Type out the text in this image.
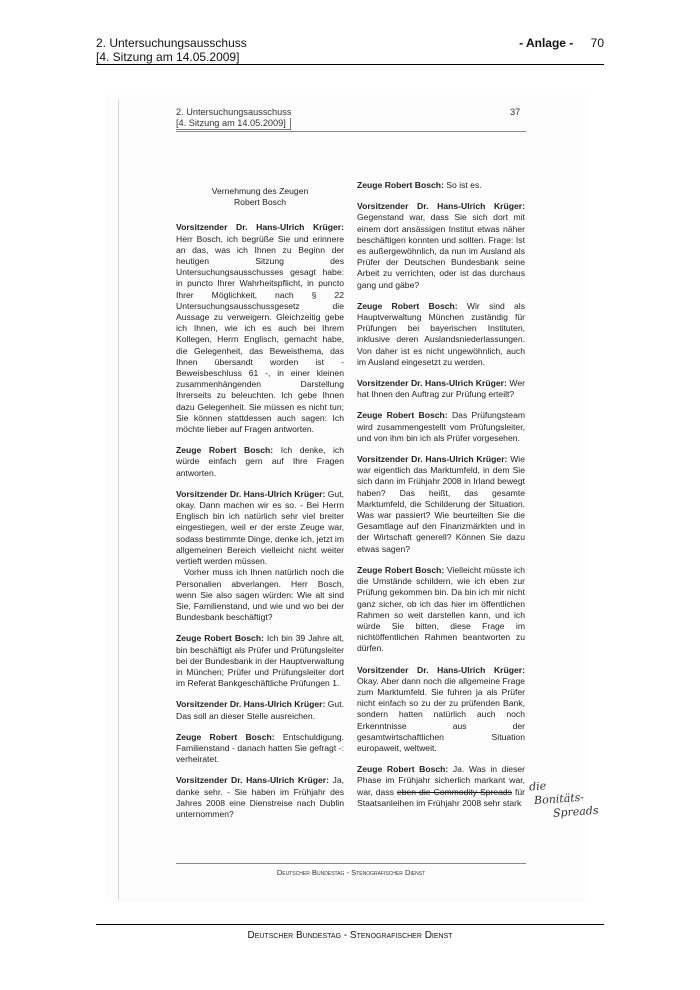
2. Untersuchungsausschuss
[4. Sitzung am 14.05.2009]
- Anlage - 70
2. Untersuchungsausschuss
[4. Sitzung am 14.05.2009]
37

Vernehmung des Zeugen
Robert Bosch

Vorsitzender Dr. Hans-Ulrich Krüger: Herr Bosch, ich begrüße Sie und erinnere an das, was ich Ihnen zu Beginn der heutigen Sitzung des Untersuchungsausschusses gesagt habe: in puncto Ihrer Wahrheitspflicht, in puncto Ihrer Möglichkeit, nach § 22 Untersuchungsausschussgesetz die Aussage zu verweigern. Gleichzeitig gebe ich Ihnen, wie ich es auch bei Ihrem Kollegen, Herrn Englisch, gemacht habe, die Gelegenheit, das Beweisthema, das Ihnen übersandt worden ist - Beweisbeschluss 61 -, in einer kleinen zusammenhängenden Darstellung Ihrerseits zu beleuchten. Ich gebe Ihnen dazu Gelegenheit. Sie müssen es nicht tun; Sie können stattdessen auch sagen: Ich möchte lieber auf Fragen antworten.

Zeuge Robert Bosch: Ich denke, ich würde einfach gern auf Ihre Fragen antworten.

Vorsitzender Dr. Hans-Ulrich Krüger: Gut, okay. Dann machen wir es so. - Bei Herrn Englisch bin ich natürlich sehr viel breiter eingestiegen, weil er der erste Zeuge war, sodass bestimmte Dinge, denke ich, jetzt im allgemeinen Bereich vielleicht nicht weiter vertieft werden müssen.

Vorher muss ich Ihnen natürlich noch die Personalien abverlangen. Herr Bosch, wenn Sie also sagen würden: Wie alt sind Sie, Familienstand, und wie und wo bei der Bundesbank beschäftigt?

Zeuge Robert Bosch: Ich bin 39 Jahre alt, bin beschäftigt als Prüfer und Prüfungsleiter bei der Bundesbank in der Hauptverwaltung in München; Prüfer und Prüfungsleiter dort im Referat Bankgeschäftliche Prüfungen 1.

Vorsitzender Dr. Hans-Ulrich Krüger: Gut. Das soll an dieser Stelle ausreichen.

Zeuge Robert Bosch: Entschuldigung. Familienstand - danach hatten Sie gefragt -: verheiratet.

Vorsitzender Dr. Hans-Ulrich Krüger: Ja, danke sehr. - Sie haben im Frühjahr des Jahres 2008 eine Dienstreise nach Dublin unternommen?

Zeuge Robert Bosch: So ist es.

Vorsitzender Dr. Hans-Ulrich Krüger: Gegenstand war, dass Sie sich dort mit einem dort ansässigen Institut etwas näher beschäftigen konnten und sollten. Frage: Ist es außergewöhnlich, da nun im Ausland als Prüfer der Deutschen Bundesbank seine Arbeit zu verrichten, oder ist das durchaus gang und gäbe?

Zeuge Robert Bosch: Wir sind als Hauptverwaltung München zuständig für Prüfungen bei bayerischen Instituten, inklusive deren Auslandsniederlassungen. Von daher ist es nicht ungewöhnlich, auch im Ausland eingesetzt zu werden.

Vorsitzender Dr. Hans-Ulrich Krüger: Wer hat Ihnen den Auftrag zur Prüfung erteilt?

Zeuge Robert Bosch: Das Prüfungsteam wird zusammengestellt vom Prüfungsleiter, und von ihm bin ich als Prüfer vorgesehen.

Vorsitzender Dr. Hans-Ulrich Krüger: Wie war eigentlich das Marktumfeld, in dem Sie sich dann im Frühjahr 2008 in Irland bewegt haben? Das heißt, das gesamte Marktumfeld, die Schilderung der Situation. Was war passiert? Wie beurteilten Sie die Gesamtlage auf den Finanzmärkten und in der Wirtschaft generell? Können Sie dazu etwas sagen?

Zeuge Robert Bosch: Vielleicht müsste ich die Umstände schildern, wie ich eben zur Prüfung gekommen bin. Da bin ich mir nicht ganz sicher, ob ich das hier im öffentlichen Rahmen so weit darstellen kann, und ich würde Sie bitten, diese Frage im nichtöffentlichen Rahmen beantworten zu dürfen.

Vorsitzender Dr. Hans-Ulrich Krüger: Okay. Aber dann noch die allgemeine Frage zum Marktumfeld. Sie fuhren ja als Prüfer nicht einfach so zu der zu prüfenden Bank, sondern hatten natürlich auch noch Erkenntnisse aus der gesamtwirtschaftlichen Situation europaweit, weltweit.

Zeuge Robert Bosch: Ja. Was in dieser Phase im Frühjahr sicherlich markant war, war, dass eben die Commodity Spreads für Staatsanleihen im Frühjahr 2008 sehr stark

die
Bonitäts-
Spreads
Deutscher Bundestag - Stenografischer Dienst
Deutscher Bundestag - Stenografischer Dienst
